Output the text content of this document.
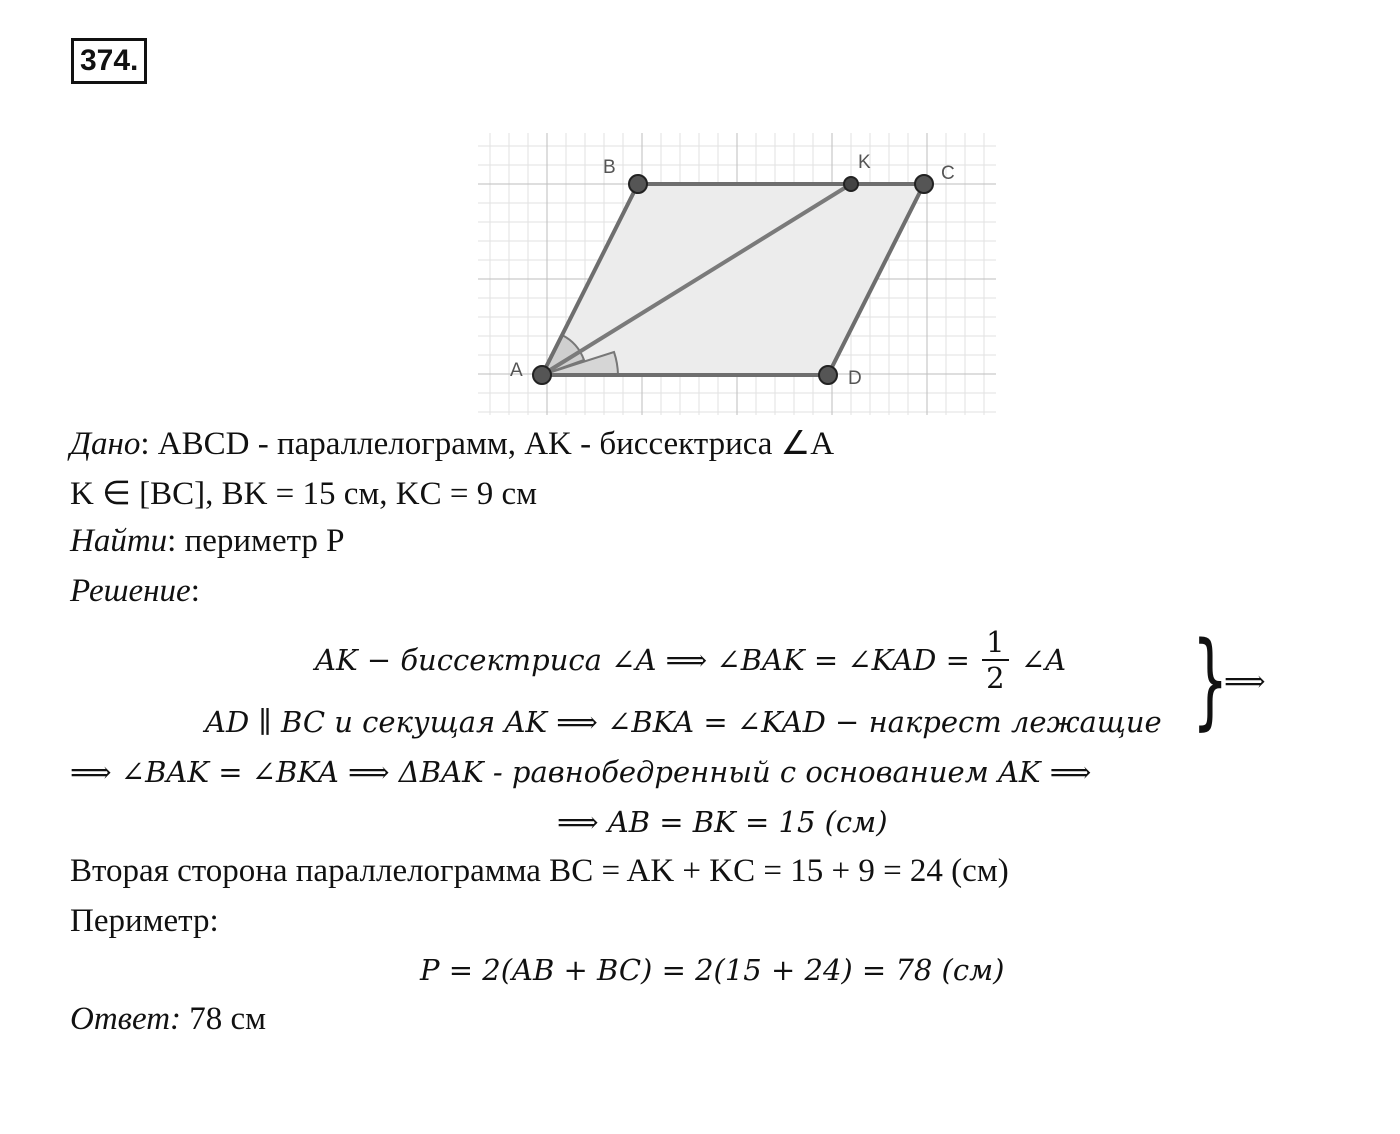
374.
A
B	K
C
D
Дано: ABCD - параллелограмм, AK - биссектриса ∠A
K ∈ [BC], BK = 15 см, KC = 9 см
Найти: периметр P
Решение:
AK − биссектриса ∠A ⟹ ∠BAK = ∠KAD = $\frac{1}{2}$ ∠A
AD ∥ BC и секущая AK ⟹ ∠BKA = ∠KAD − накрест лежащие }
⟹
⟹ ∠BAK = ∠BKA ⟹ ΔBAK - равнобедренный с основанием AK ⟹
⟹ AB = BK = 15 (см)
Вторая сторона параллелограмма BC = AK + KC = 15 + 9 = 24 (см)
Периметр:
P = 2(AB + BC) = 2(15 + 24) = 78 (см)
Ответ: 78 см
